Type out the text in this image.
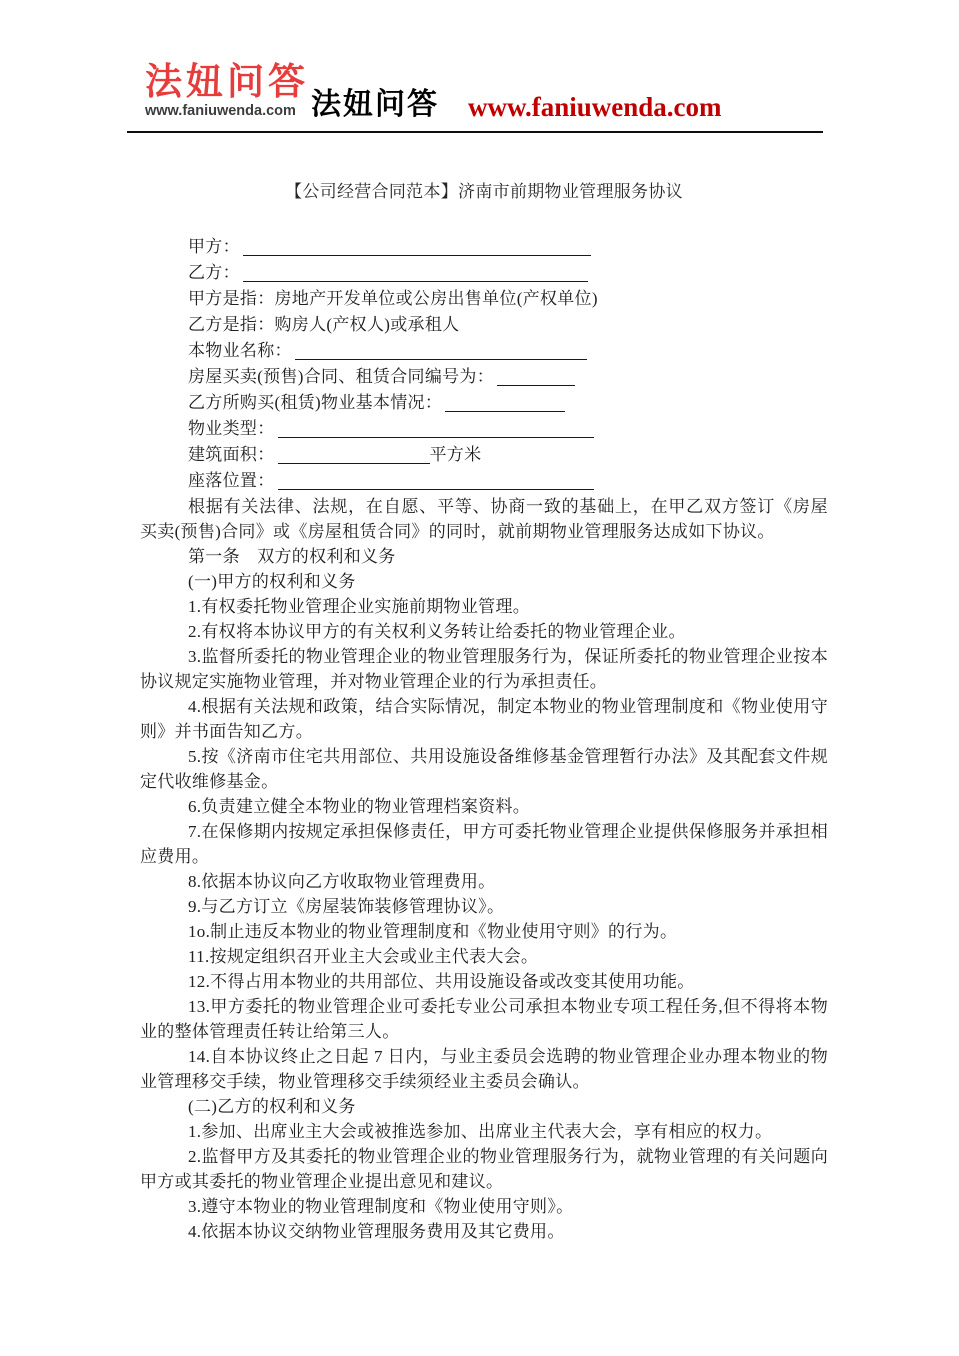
法妞问答
www.faniuwenda.com 法妞问答 www.faniuwenda.com
【公司经营合同范本】济南市前期物业管理服务协议
甲方：
乙方：
甲方是指：房地产开发单位或公房出售单位(产权单位)
乙方是指：购房人(产权人)或承租人
本物业名称：
房屋买卖(预售)合同、租赁合同编号为：
乙方所购买(租赁)物业基本情况：
物业类型：
建筑面积：	平方米
座落位置：

根据有关法律、法规，在自愿、平等、协商一致的基础上，在甲乙双方签订《房屋买卖(预售)合同》或《房屋租赁合同》的同时，就前期物业管理服务达成如下协议。

第一条　双方的权利和义务

(一)甲方的权利和义务

1.有权委托物业管理企业实施前期物业管理。

2.有权将本协议甲方的有关权利义务转让给委托的物业管理企业。

3.监督所委托的物业管理企业的物业管理服务行为，保证所委托的物业管理企业按本协议规定实施物业管理，并对物业管理企业的行为承担责任。

4.根据有关法规和政策，结合实际情况，制定本物业的物业管理制度和《物业使用守则》并书面告知乙方。

5.按《济南市住宅共用部位、共用设施设备维修基金管理暂行办法》及其配套文件规定代收维修基金。

6.负责建立健全本物业的物业管理档案资料。

7.在保修期内按规定承担保修责任，甲方可委托物业管理企业提供保修服务并承担相应费用。

8.依据本协议向乙方收取物业管理费用。

9.与乙方订立《房屋装饰装修管理协议》。

1o.制止违反本物业的物业管理制度和《物业使用守则》的行为。

11.按规定组织召开业主大会或业主代表大会。

12.不得占用本物业的共用部位、共用设施设备或改变其使用功能。

13.甲方委托的物业管理企业可委托专业公司承担本物业专项工程任务,但不得将本物业的整体管理责任转让给第三人。

14.自本协议终止之日起 7 日内，与业主委员会选聘的物业管理企业办理本物业的物业管理移交手续，物业管理移交手续须经业主委员会确认。

(二)乙方的权利和义务

1.参加、出席业主大会或被推选参加、出席业主代表大会，享有相应的权力。

2.监督甲方及其委托的物业管理企业的物业管理服务行为，就物业管理的有关问题向甲方或其委托的物业管理企业提出意见和建议。

3.遵守本物业的物业管理制度和《物业使用守则》。

4.依据本协议交纳物业管理服务费用及其它费用。
